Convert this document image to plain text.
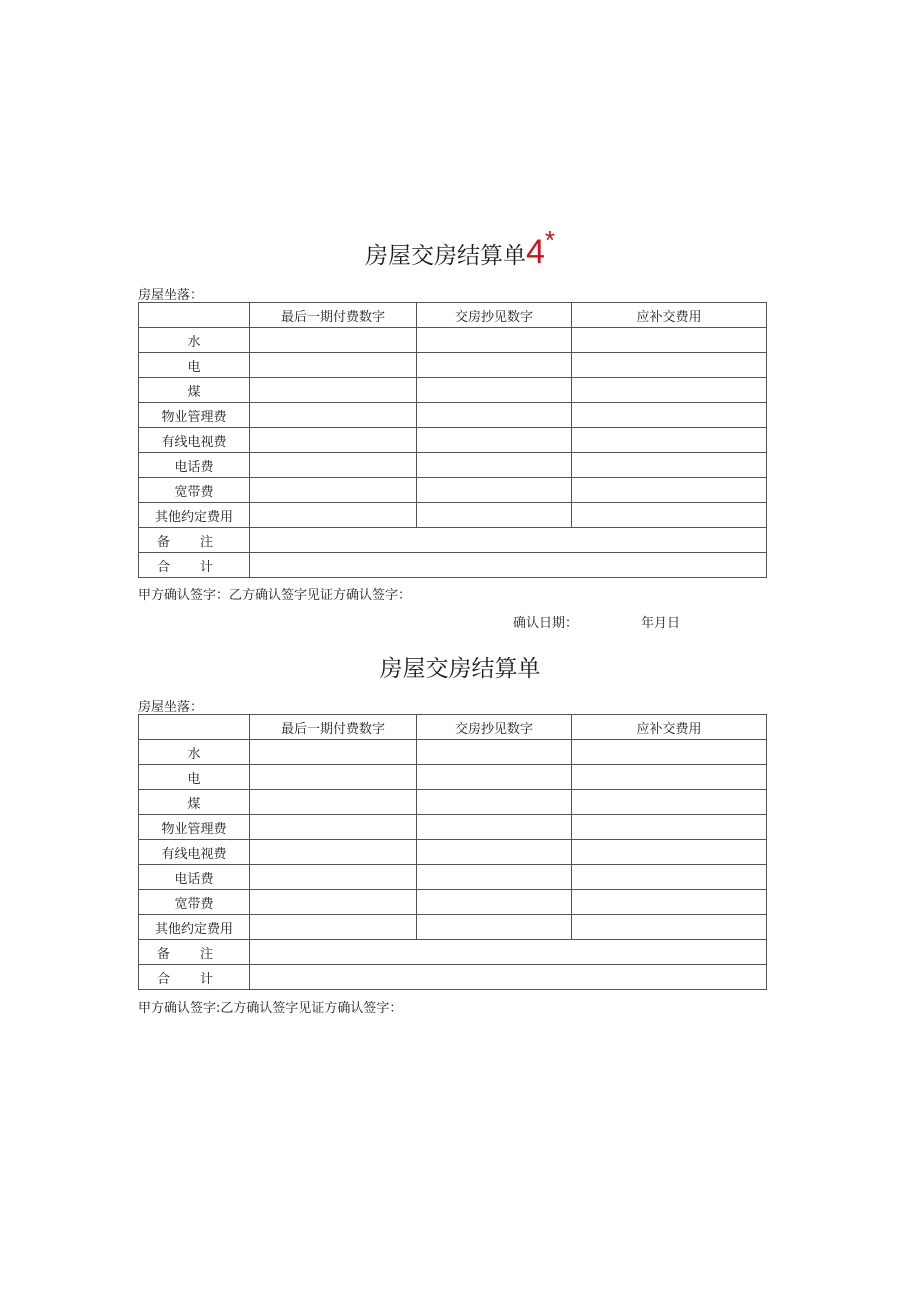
房屋交房结算单4*
房屋坐落：
	最后一期付费数字	交房抄见数字	应补交费用
水			
电			
煤			
物业管理费			
有线电视费			
电话费			
宽带费			
其他约定费用			

备 注			

合 计			

甲方确认签字：乙方确认签字见证方确认签字：
确认日期：	年月日
房屋交房结算单
房屋坐落：
	最后一期付费数字	交房抄见数字	应补交费用
水			
电			
煤			
物业管理费			
有线电视费			
电话费			
宽带费			
其他约定费用			

备 注			

合 计			

甲方确认签字:乙方确认签字见证方确认签字：
